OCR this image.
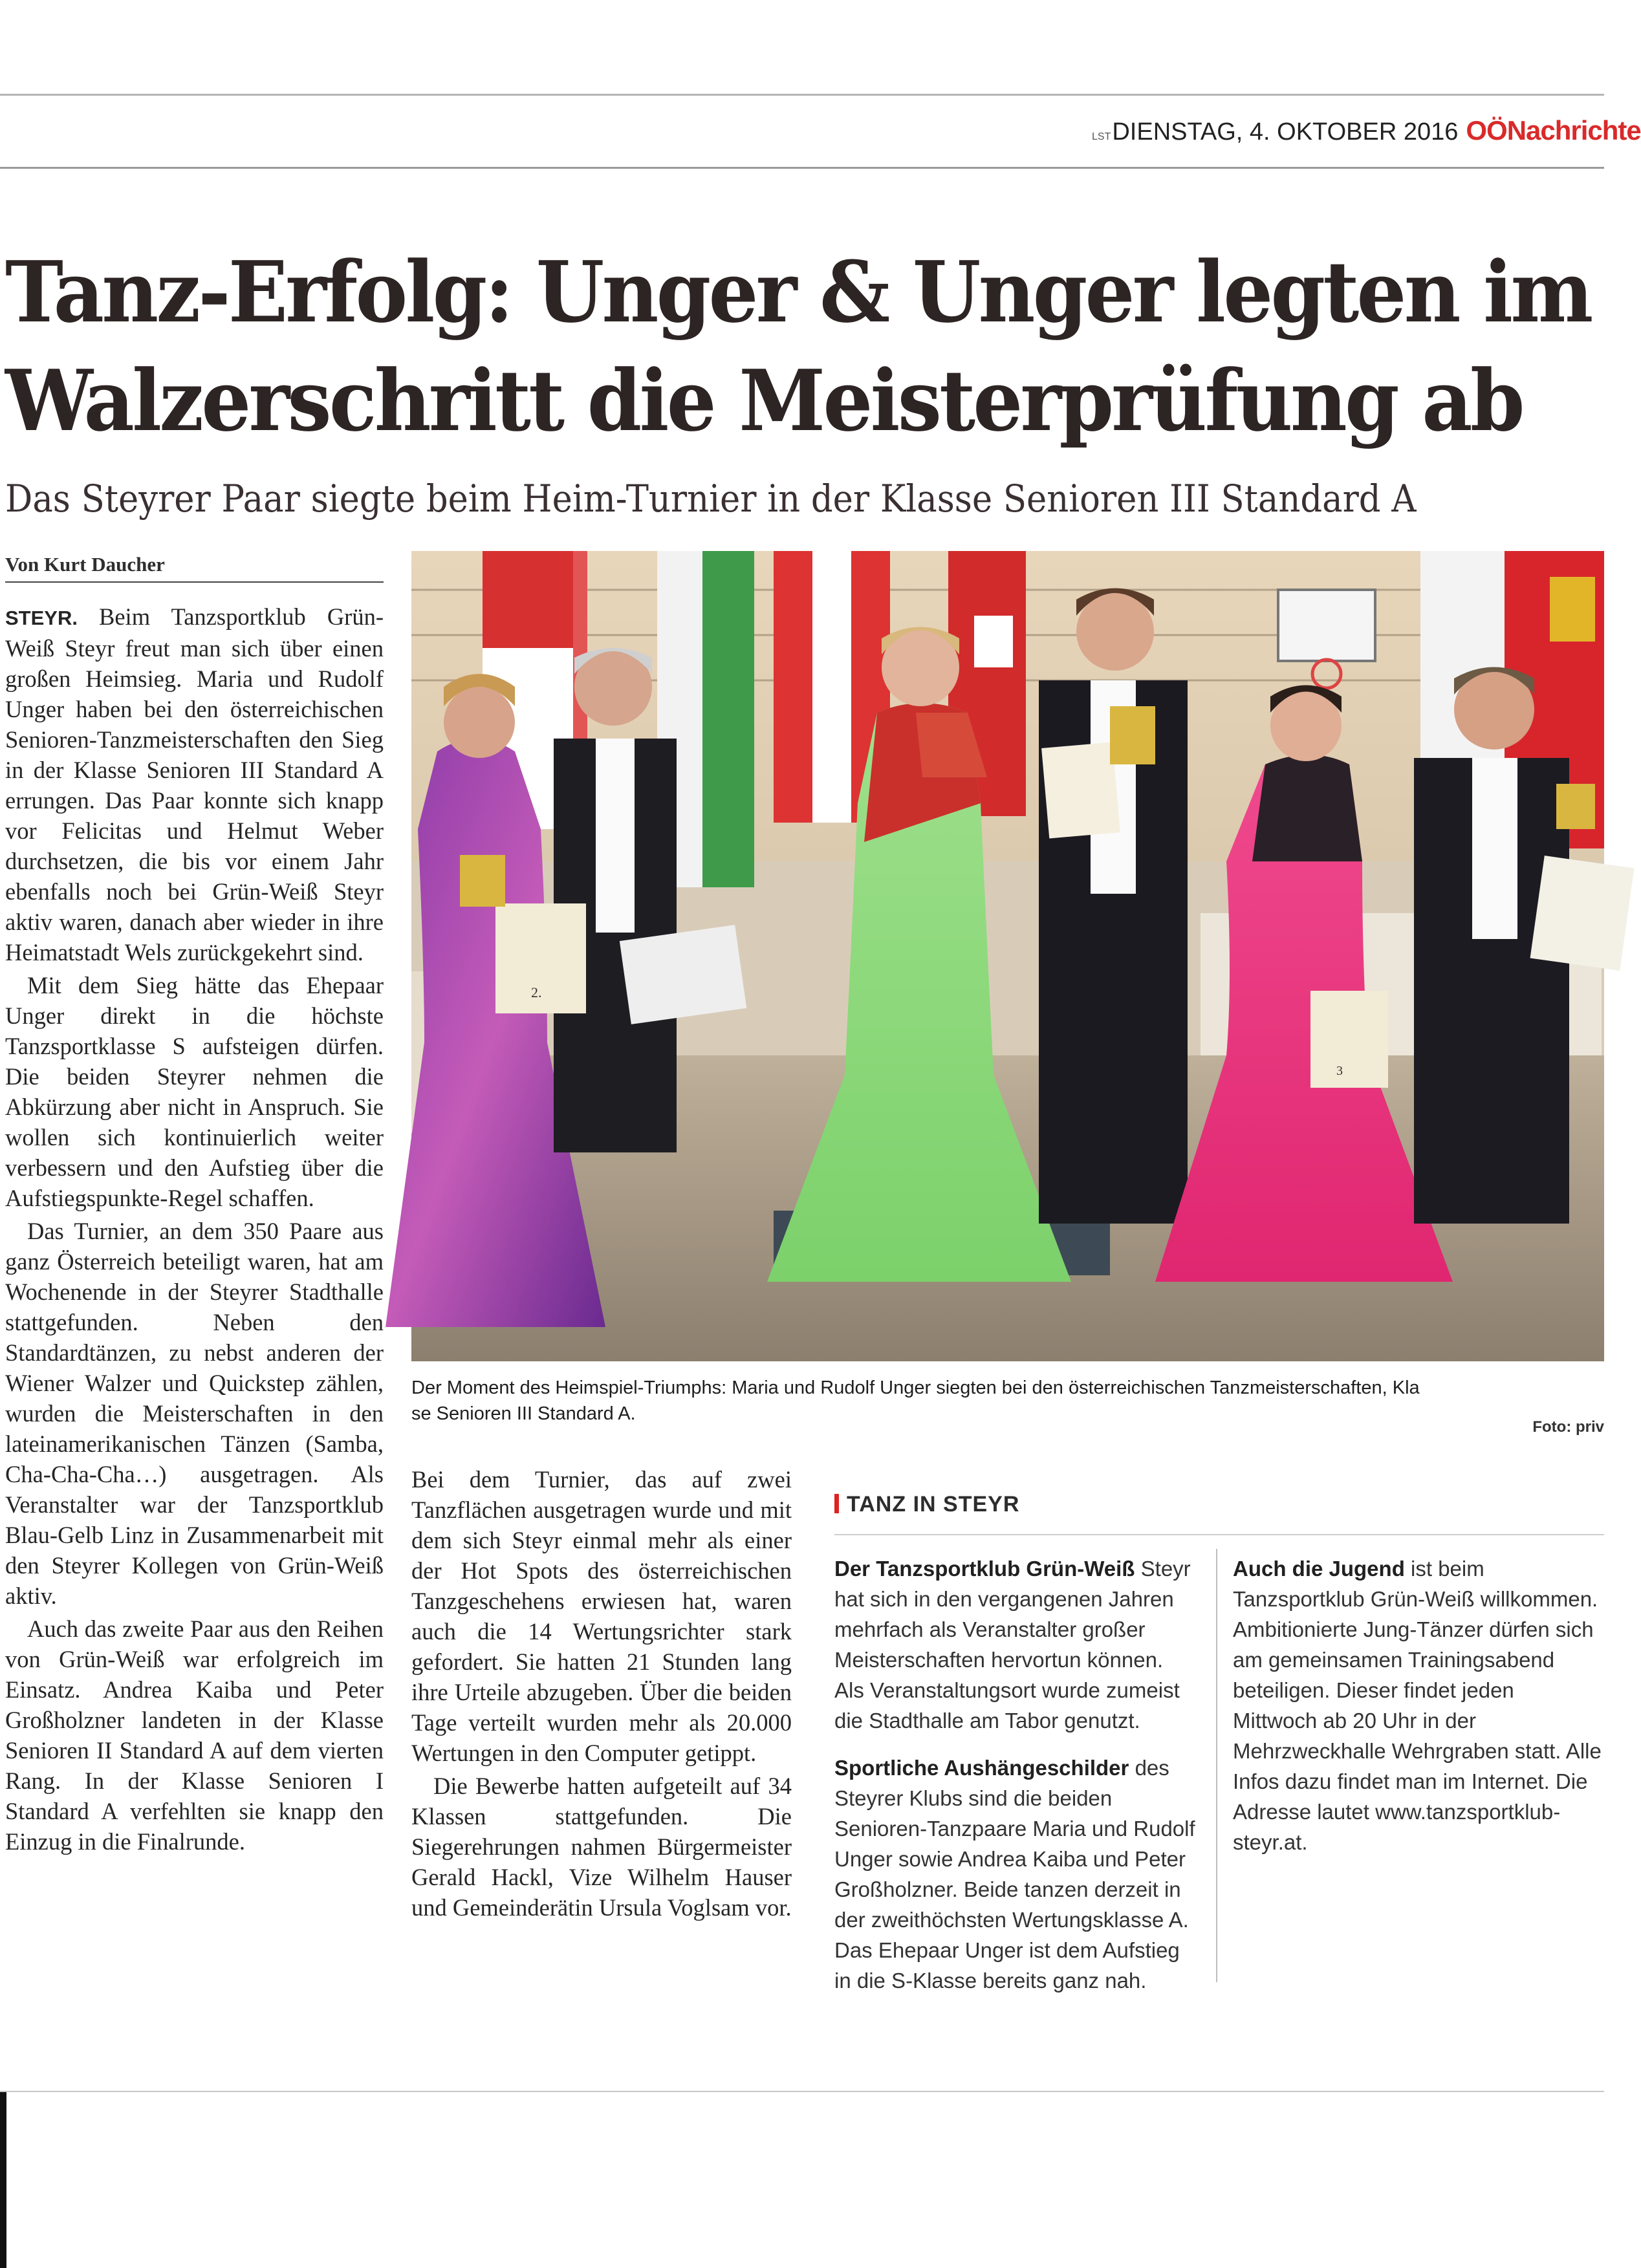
LSTDIENSTAG, 4. OKTOBER 2016 OÖNachrichte
Tanz-Erfolg: Unger & Unger legten im
Walzerschritt die Meisterprüfung ab
Das Steyrer Paar siegte beim Heim-Turnier in der Klasse Senioren III Standard A
Von Kurt Daucher

STEYR. Beim Tanzsportklub Grün-Weiß Steyr freut man sich über einen großen Heimsieg. Maria und Rudolf Unger haben bei den österreichischen Senioren-Tanzmeisterschaften den Sieg in der Klasse Senioren III Standard A errungen. Das Paar konnte sich knapp vor Felicitas und Helmut Weber durchsetzen, die bis vor einem Jahr ebenfalls noch bei Grün-Weiß Steyr aktiv waren, danach aber wieder in ihre Heimatstadt Wels zurückgekehrt sind.

Mit dem Sieg hätte das Ehepaar Unger direkt in die höchste Tanzsportklasse S aufsteigen dürfen. Die beiden Steyrer nehmen die Abkürzung aber nicht in Anspruch. Sie wollen sich kontinuierlich weiter verbessern und den Aufstieg über die Aufstiegspunkte-Regel schaffen.

Das Turnier, an dem 350 Paare aus ganz Österreich beteiligt waren, hat am Wochenende in der Steyrer Stadthalle stattgefunden. Neben den Standardtänzen, zu nebst anderen der Wiener Walzer und Quickstep zählen, wurden die Meisterschaften in den lateinamerikanischen Tänzen (Samba, Cha-Cha-Cha…) ausgetragen. Als Veranstalter war der Tanzsportklub Blau-Gelb Linz in Zusammenarbeit mit den Steyrer Kollegen von Grün-Weiß aktiv.

Auch das zweite Paar aus den Reihen von Grün-Weiß war erfolgreich im Einsatz. Andrea Kaiba und Peter Großholzner landeten in der Klasse Senioren II Standard A auf dem vierten Rang. In der Klasse Senioren I Standard A verfehlten sie knapp den Einzug in die Finalrunde.

2.
3
Der Moment des Heimspiel-Triumphs: Maria und Rudolf Unger siegten bei den österreichischen Tanzmeisterschaften, Kla
se Senioren III Standard A.
Foto: priv

Bei dem Turnier, das auf zwei Tanzflächen ausgetragen wurde und mit dem sich Steyr einmal mehr als einer der Hot Spots des österreichischen Tanzgeschehens erwiesen hat, waren auch die 14 Wertungsrichter stark gefordert. Sie hatten 21 Stunden lang ihre Urteile abzugeben. Über die beiden Tage verteilt wurden mehr als 20.000 Wertungen in den Computer getippt.

Die Bewerbe hatten aufgeteilt auf 34 Klassen stattgefunden. Die Siegerehrungen nahmen Bürgermeister Gerald Hackl, Vize Wilhelm Hauser und Gemeinderätin Ursula Voglsam vor.

TANZ IN STEYR

Der Tanzsportklub Grün-Weiß Steyr hat sich in den vergangenen Jahren mehrfach als Veranstalter großer Meisterschaften hervortun können. Als Veranstaltungsort wurde zumeist die Stadthalle am Tabor genutzt.

Sportliche Aushängeschilder des Steyrer Klubs sind die beiden Senioren-Tanzpaare Maria und Rudolf Unger sowie Andrea Kaiba und Peter Großholzner. Beide tanzen derzeit in der zweithöchsten Wertungsklasse A. Das Ehepaar Unger ist dem Aufstieg in die S-Klasse bereits ganz nah.

Auch die Jugend ist beim Tanzsportklub Grün-Weiß willkommen. Ambitionierte Jung-Tänzer dürfen sich am gemeinsamen Trainingsabend beteiligen. Dieser findet jeden Mittwoch ab 20 Uhr in der Mehrzweckhalle Wehrgraben statt. Alle Infos dazu findet man im Internet. Die Adresse lautet www.tanzsportklub-steyr.at.
